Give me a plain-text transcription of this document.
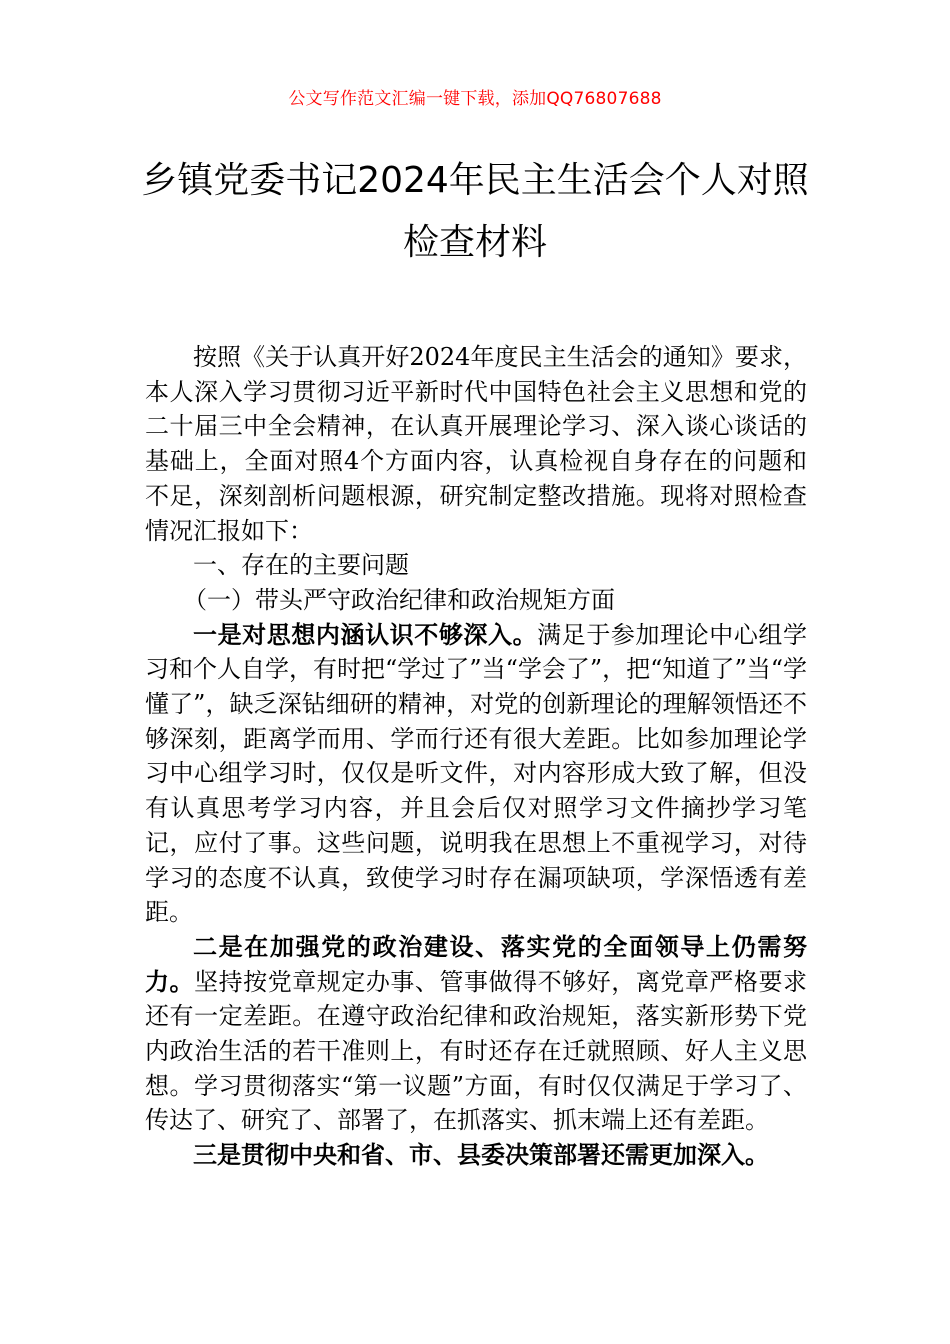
公文写作范文汇编一键下载，添加QQ76807688
乡镇党委书记2024年民主生活会个人对照
检查材料

按照《关于认真开好2024年度民主生活会的通知》要求，本人深入学习贯彻习近平新时代中国特色社会主义思想和党的二十届三中全会精神，在认真开展理论学习、深入谈心谈话的基础上，全面对照4个方面内容，认真检视自身存在的问题和不足，深刻剖析问题根源，研究制定整改措施。现将对照检查情况汇报如下：

一、存在的主要问题

（一）带头严守政治纪律和政治规矩方面

一是对思想内涵认识不够深入。满足于参加理论中心组学习和个人自学，有时把“学过了”当“学会了”，把“知道了”当“学懂了”，缺乏深钻细研的精神，对党的创新理论的理解领悟还不够深刻，距离学而用、学而行还有很大差距。比如参加理论学习中心组学习时，仅仅是听文件，对内容形成大致了解，但没有认真思考学习内容，并且会后仅对照学习文件摘抄学习笔记，应付了事。这些问题，说明我在思想上不重视学习，对待学习的态度不认真，致使学习时存在漏项缺项，学深悟透有差距。

二是在加强党的政治建设、落实党的全面领导上仍需努力。坚持按党章规定办事、管事做得不够好，离党章严格要求还有一定差距。在遵守政治纪律和政治规矩，落实新形势下党内政治生活的若干准则上，有时还存在迁就照顾、好人主义思想。学习贯彻落实“第一议题”方面，有时仅仅满足于学习了、传达了、研究了、部署了，在抓落实、抓末端上还有差距。

三是贯彻中央和省、市、县委决策部署还需更加深入。
